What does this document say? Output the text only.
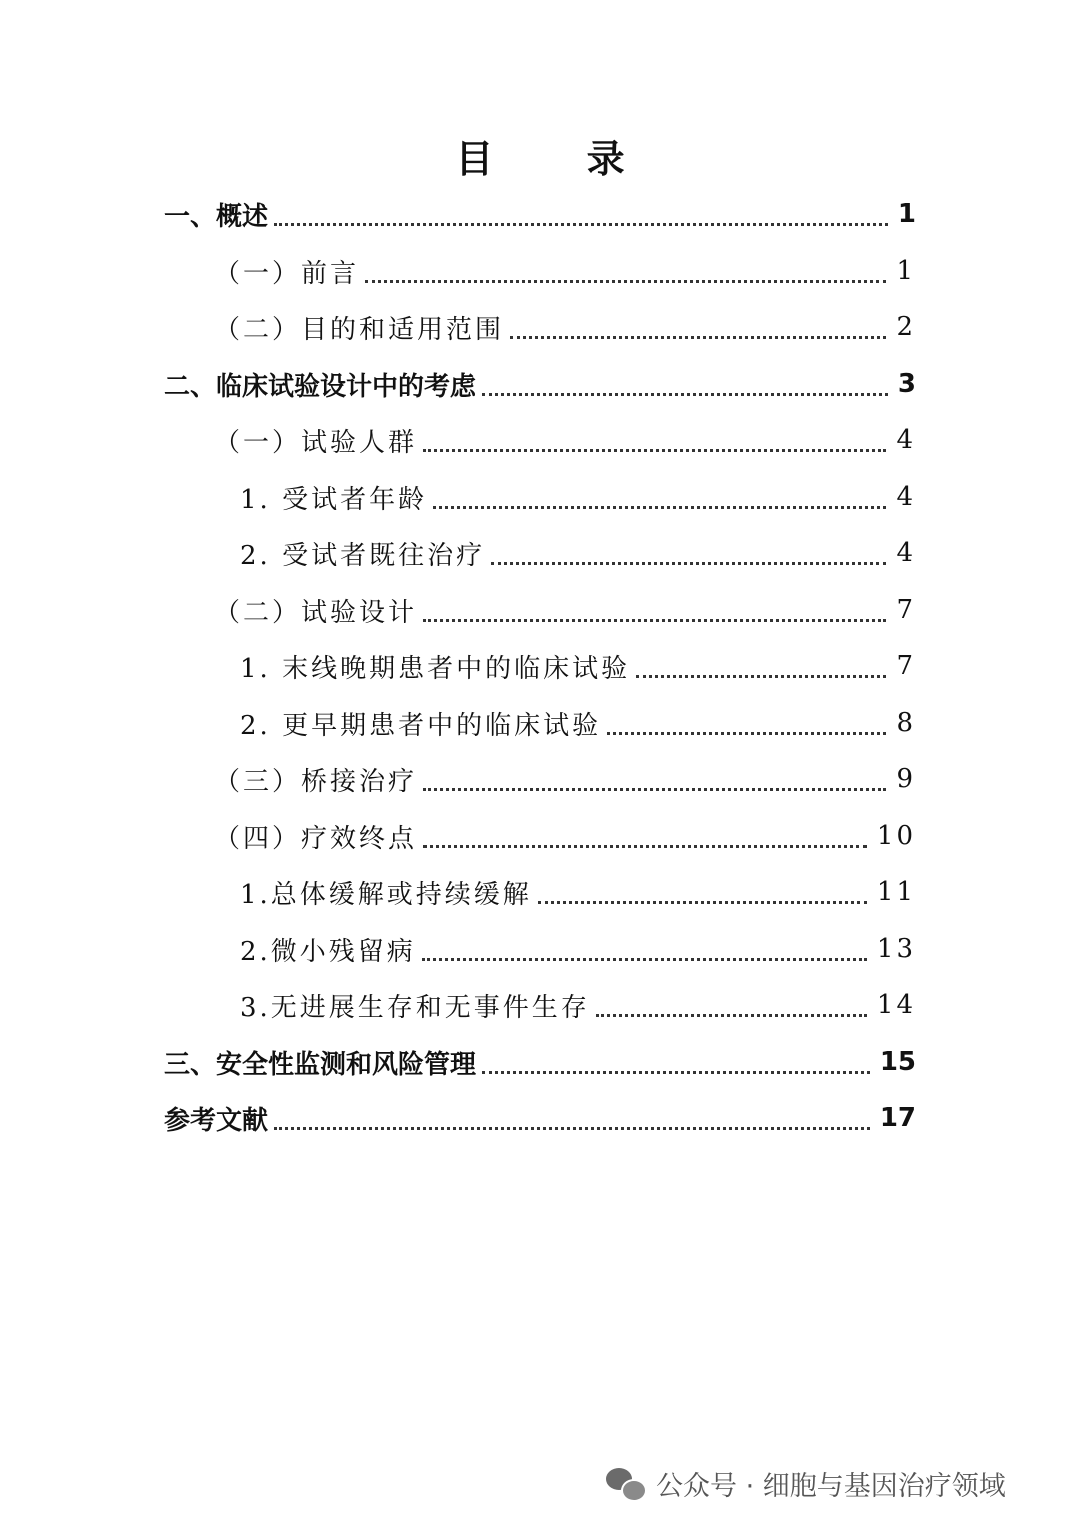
目 录
一、概述	1
（一）前言	1
（二）目的和适用范围	2
二、临床试验设计中的考虑	3
（一）试验人群	4
1. 受试者年龄	4
2. 受试者既往治疗	4
（二）试验设计	7
1. 末线晚期患者中的临床试验	7
2. 更早期患者中的临床试验	8
（三）桥接治疗	9
（四）疗效终点	10
1.总体缓解或持续缓解	11
2.微小残留病	13
3.无进展生存和无事件生存	14
三、安全性监测和风险管理	15
参考文献	17
公众号 · 细胞与基因治疗领域
